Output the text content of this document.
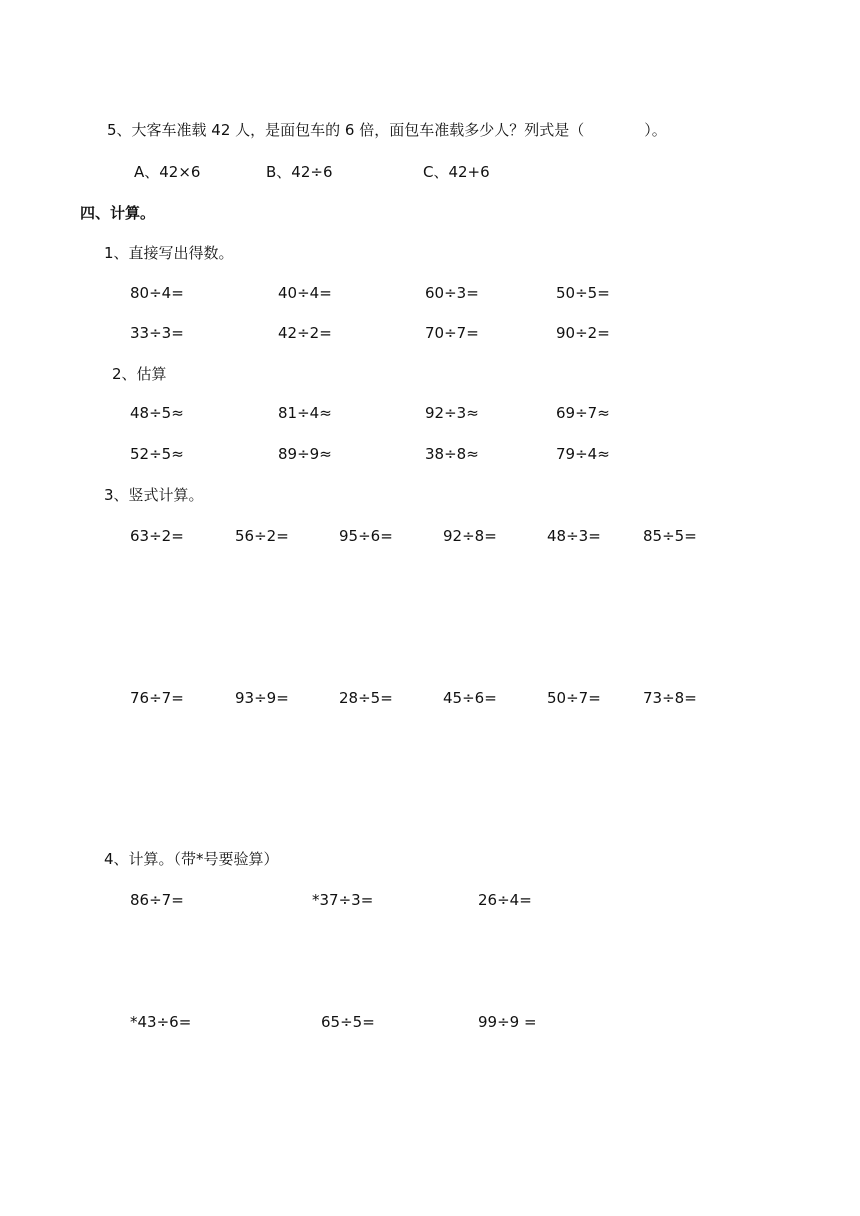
5、大客车准载 42 人，是面包车的 6 倍，面包车准载多少人？列式是（　　　　）。
A、42×6	B、42÷6	C、42+6
四、计算。
1、直接写出得数。
80÷4=	40÷4=	60÷3=	50÷5=
33÷3=	42÷2=	70÷7=	90÷2=
2、估算
48÷5≈	81÷4≈	92÷3≈	69÷7≈
52÷5≈	89÷9≈	38÷8≈	79÷4≈
3、竖式计算。
63÷2=	56÷2=	95÷6=	92÷8=	48÷3=	85÷5=
76÷7=	93÷9=	28÷5=	45÷6=	50÷7=	73÷8=
4、计算。（带*号要验算）
86÷7=	*37÷3=	26÷4=
*43÷6=	65÷5=	99÷9 =
